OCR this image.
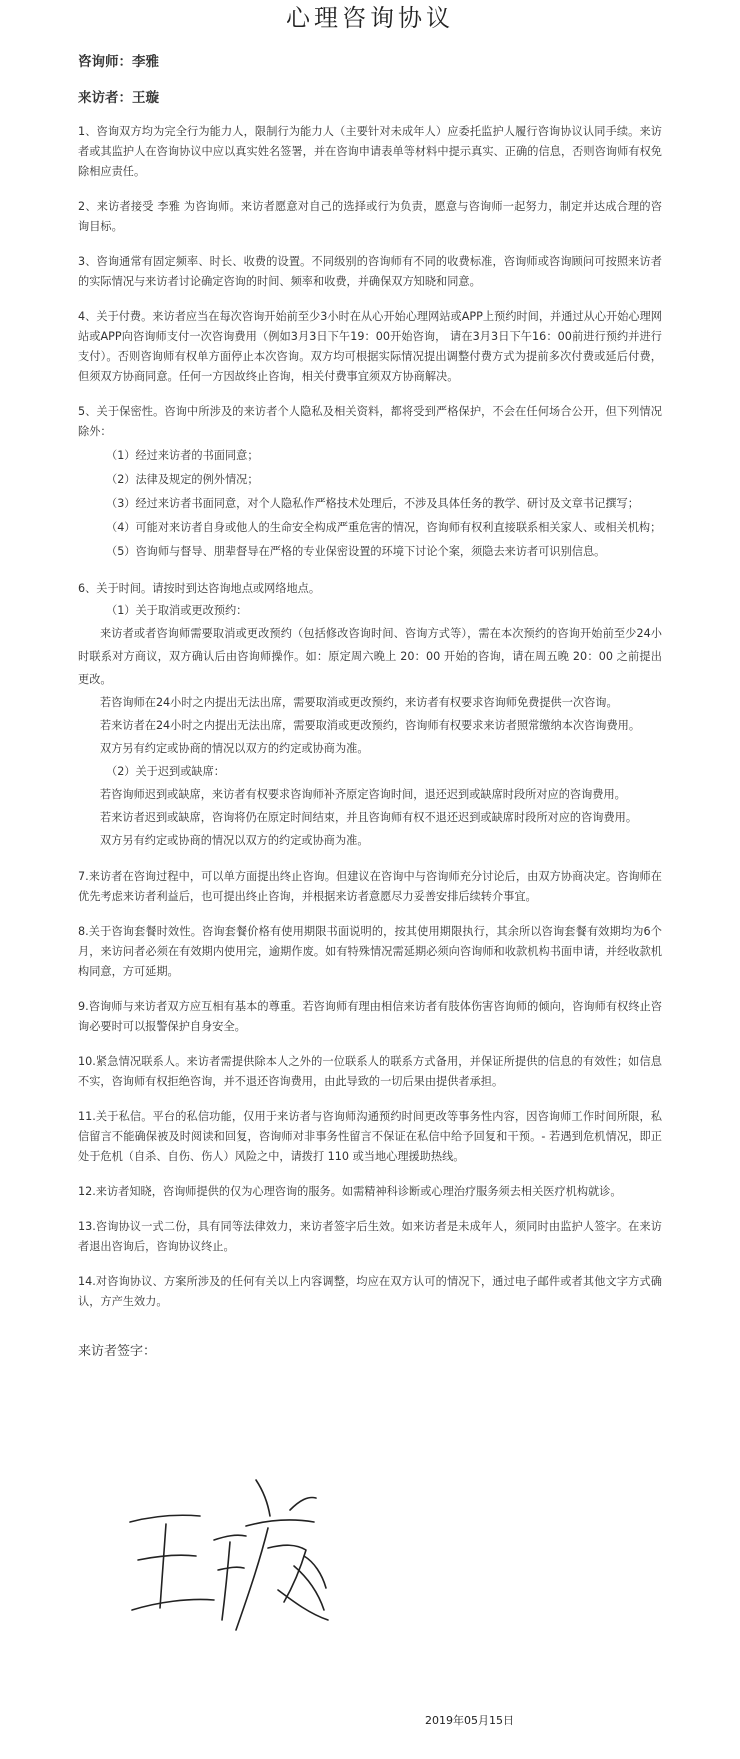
心理咨询协议
咨询师：李雅
来访者：王璇

1、咨询双方均为完全行为能力人，限制行为能力人（主要针对未成年人）应委托监护人履行咨询协议认同手续。来访者或其监护人在咨询协议中应以真实姓名签署，并在咨询申请表单等材料中提示真实、正确的信息，否则咨询师有权免除相应责任。

2、来访者接受 李雅 为咨询师。来访者愿意对自己的选择或行为负责，愿意与咨询师一起努力，制定并达成合理的咨询目标。

3、咨询通常有固定频率、时长、收费的设置。不同级别的咨询师有不同的收费标准，咨询师或咨询顾问可按照来访者的实际情况与来访者讨论确定咨询的时间、频率和收费，并确保双方知晓和同意。

4、关于付费。来访者应当在每次咨询开始前至少3小时在从心开始心理网站或APP上预约时间，并通过从心开始心理网站或APP向咨询师支付一次咨询费用（例如3月3日下午19：00开始咨询， 请在3月3日下午16：00前进行预约并进行支付）。否则咨询师有权单方面停止本次咨询。双方均可根据实际情况提出调整付费方式为提前多次付费或延后付费，但须双方协商同意。任何一方因故终止咨询，相关付费事宜须双方协商解决。

5、关于保密性。咨询中所涉及的来访者个人隐私及相关资料，都将受到严格保护，不会在任何场合公开，但下列情况除外：
（1）经过来访者的书面同意；
（2）法律及规定的例外情况；
（3）经过来访者书面同意，对个人隐私作严格技术处理后，不涉及具体任务的教学、研讨及文章书记撰写；
（4）可能对来访者自身或他人的生命安全构成严重危害的情况，咨询师有权利直接联系相关家人、或相关机构；
（5）咨询师与督导、朋辈督导在严格的专业保密设置的环境下讨论个案，须隐去来访者可识别信息。
6、关于时间。请按时到达咨询地点或网络地点。
（1）关于取消或更改预约：
来访者或者咨询师需要取消或更改预约（包括修改咨询时间、咨询方式等），需在本次预约的咨询开始前至少24小时联系对方商议，双方确认后由咨询师操作。如：原定周六晚上 20：00 开始的咨询，请在周五晚 20：00 之前提出更改。
若咨询师在24小时之内提出无法出席，需要取消或更改预约，来访者有权要求咨询师免费提供一次咨询。
若来访者在24小时之内提出无法出席，需要取消或更改预约，咨询师有权要求来访者照常缴纳本次咨询费用。
双方另有约定或协商的情况以双方的约定或协商为准。
（2）关于迟到或缺席：
若咨询师迟到或缺席，来访者有权要求咨询师补齐原定咨询时间，退还迟到或缺席时段所对应的咨询费用。
若来访者迟到或缺席，咨询将仍在原定时间结束，并且咨询师有权不退还迟到或缺席时段所对应的咨询费用。
双方另有约定或协商的情况以双方的约定或协商为准。

7.来访者在咨询过程中，可以单方面提出终止咨询。但建议在咨询中与咨询师充分讨论后，由双方协商决定。咨询师在优先考虑来访者利益后，也可提出终止咨询，并根据来访者意愿尽力妥善安排后续转介事宜。

8.关于咨询套餐时效性。咨询套餐价格有使用期限书面说明的，按其使用期限执行，其余所以咨询套餐有效期均为6个月，来访问者必须在有效期内使用完，逾期作废。如有特殊情况需延期必须向咨询师和收款机构书面申请，并经收款机构同意，方可延期。

9.咨询师与来访者双方应互相有基本的尊重。若咨询师有理由相信来访者有肢体伤害咨询师的倾向，咨询师有权终止咨询必要时可以报警保护自身安全。

10.紧急情况联系人。来访者需提供除本人之外的一位联系人的联系方式备用，并保证所提供的信息的有效性；如信息不实，咨询师有权拒绝咨询，并不退还咨询费用，由此导致的一切后果由提供者承担。

11.关于私信。平台的私信功能，仅用于来访者与咨询师沟通预约时间更改等事务性内容，因咨询师工作时间所限，私信留言不能确保被及时阅读和回复，咨询师对非事务性留言不保证在私信中给予回复和干预。- 若遇到危机情况，即正处于危机（自杀、自伤、伤人）风险之中，请拨打 110 或当地心理援助热线。

12.来访者知晓，咨询师提供的仅为心理咨询的服务。如需精神科诊断或心理治疗服务须去相关医疗机构就诊。

13.咨询协议一式二份，具有同等法律效力，来访者签字后生效。如来访者是未成年人，须同时由监护人签字。在来访者退出咨询后，咨询协议终止。

14.对咨询协议、方案所涉及的任何有关以上内容调整，均应在双方认可的情况下，通过电子邮件或者其他文字方式确认，方产生效力。

来访者签字：
2019年05月15日
